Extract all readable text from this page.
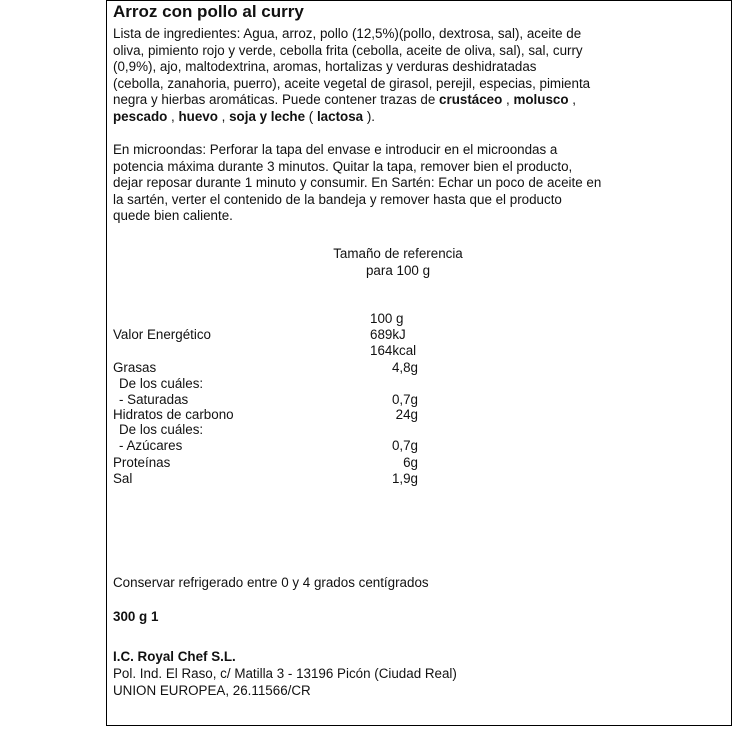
Arroz con pollo al curry

Lista de ingredientes: Agua, arroz, pollo (12,5%)(pollo, dextrosa, sal), aceite de

oliva, pimiento rojo y verde, cebolla frita (cebolla, aceite de oliva, sal), sal, curry

(0,9%), ajo, maltodextrina, aromas, hortalizas y verduras deshidratadas

(cebolla, zanahoria, puerro), aceite vegetal de girasol, perejil, especias, pimienta

negra y hierbas aromáticas. Puede contener trazas de crustáceo , molusco ,

pescado , huevo , soja y leche ( lactosa ).

En microondas: Perforar la tapa del envase e introducir en el microondas a

potencia máxima durante 3 minutos. Quitar la tapa, remover bien el producto,

dejar reposar durante 1 minuto y consumir. En Sartén: Echar un poco de aceite en

la sartén, verter el contenido de la bandeja y remover hasta que el producto

quede bien caliente.

Tamaño de referencia
para 100 g
100 g
Valor Energético	689kJ
164kcal
Grasas	4,8g
De los cuáles:
- Saturadas	0,7g
Hidratos de carbono	24g
De los cuáles:
- Azúcares	0,7g
Proteínas	6g
Sal	1,9g
Conservar refrigerado entre 0 y 4 grados centígrados
300 g 1
I.C. Royal Chef S.L.
Pol. Ind. El Raso, c/ Matilla 3 - 13196 Picón (Ciudad Real)
UNION EUROPEA, 26.11566/CR
